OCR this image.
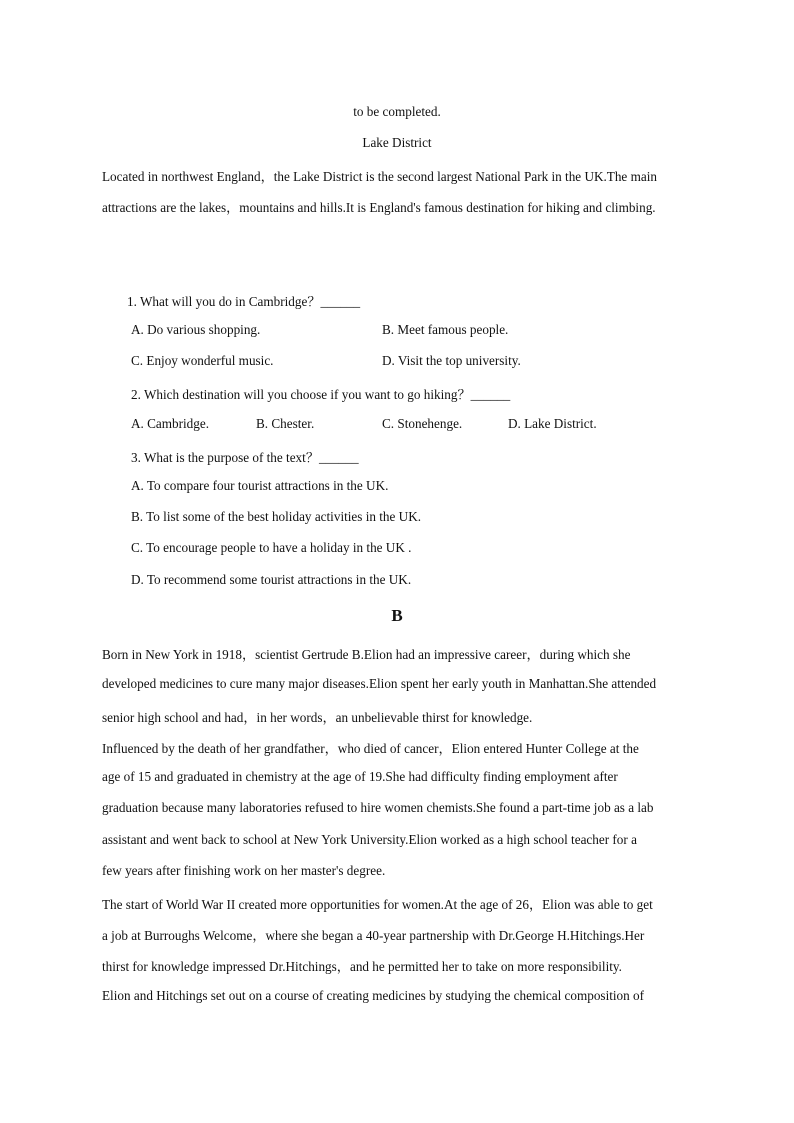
to be completed.
Lake District
Located in northwest England，the Lake District is the second largest National Park in the UK.The main
attractions are the lakes，mountains and hills.It is England's famous destination for hiking and climbing.
1. What will you do in Cambridge？______
A. Do various shopping.	B. Meet famous people.
C. Enjoy wonderful music.	D. Visit the top university.
2. Which destination will you choose if you want to go hiking？______
A. Cambridge.	B. Chester.	C. Stonehenge.	D. Lake District.
3. What is the purpose of the text？______
A. To compare four tourist attractions in the UK.
B. To list some of the best holiday activities in the UK.
C. To encourage people to have a holiday in the UK .
D. To recommend some tourist attractions in the UK.
B
Born in New York in 1918，scientist Gertrude B.Elion had an impressive career，during which she
developed medicines to cure many major diseases.Elion spent her early youth in Manhattan.She attended
senior high school and had，in her words，an unbelievable thirst for knowledge.
Influenced by the death of her grandfather，who died of cancer，Elion entered Hunter College at the
age of 15 and graduated in chemistry at the age of 19.She had difficulty finding employment after
graduation because many laboratories refused to hire women chemists.She found a part-time job as a lab
assistant and went back to school at New York University.Elion worked as a high school teacher for a
few years after finishing work on her master's degree.
The start of World War II created more opportunities for women.At the age of 26，Elion was able to get
a job at Burroughs Welcome，where she began a 40-year partnership with Dr.George H.Hitchings.Her
thirst for knowledge impressed Dr.Hitchings，and he permitted her to take on more responsibility.
Elion and Hitchings set out on a course of creating medicines by studying the chemical composition of
